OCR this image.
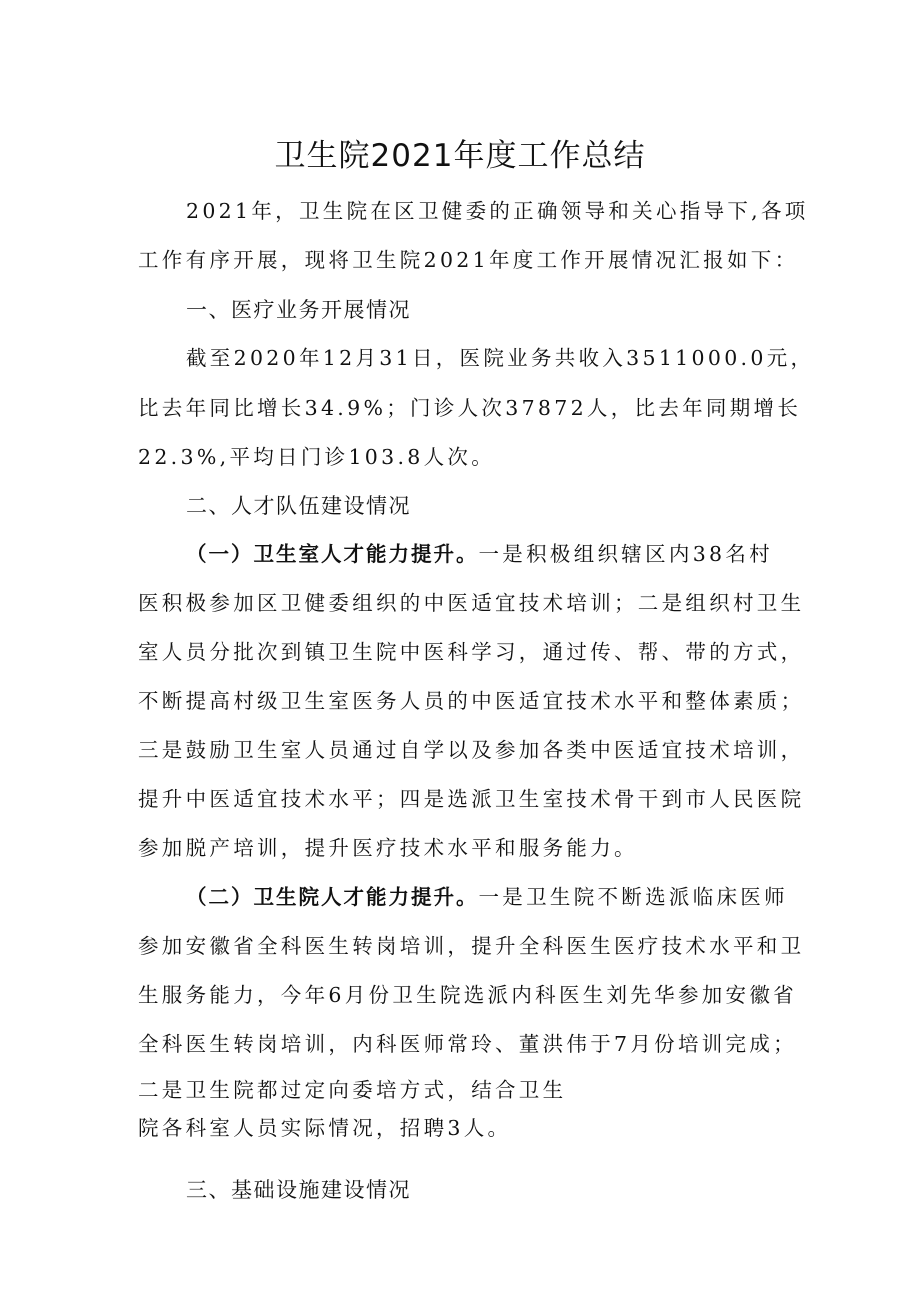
卫生院2021年度工作总结

2021年，卫生院在区卫健委的正确领导和关心指导下,各项

工作有序开展，现将卫生院2021年度工作开展情况汇报如下：

一、医疗业务开展情况

截至2020年12月31日，医院业务共收入3511000.0元，

比去年同比增长34.9%；门诊人次37872人，比去年同期增长

22.3%,平均日门诊103.8人次。

二、人才队伍建设情况

（一）卫生室人才能力提升。一是积极组织辖区内38名村

医积极参加区卫健委组织的中医适宜技术培训；二是组织村卫生

室人员分批次到镇卫生院中医科学习，通过传、帮、带的方式，

不断提高村级卫生室医务人员的中医适宜技术水平和整体素质；

三是鼓励卫生室人员通过自学以及参加各类中医适宜技术培训，

提升中医适宜技术水平；四是选派卫生室技术骨干到市人民医院

参加脱产培训，提升医疗技术水平和服务能力。

（二）卫生院人才能力提升。一是卫生院不断选派临床医师

参加安徽省全科医生转岗培训，提升全科医生医疗技术水平和卫

生服务能力，今年6月份卫生院选派内科医生刘先华参加安徽省

全科医生转岗培训，内科医师常玲、董洪伟于7月份培训完成；

二是卫生院都过定向委培方式，结合卫生

院各科室人员实际情况，招聘3人。

三、基础设施建设情况
